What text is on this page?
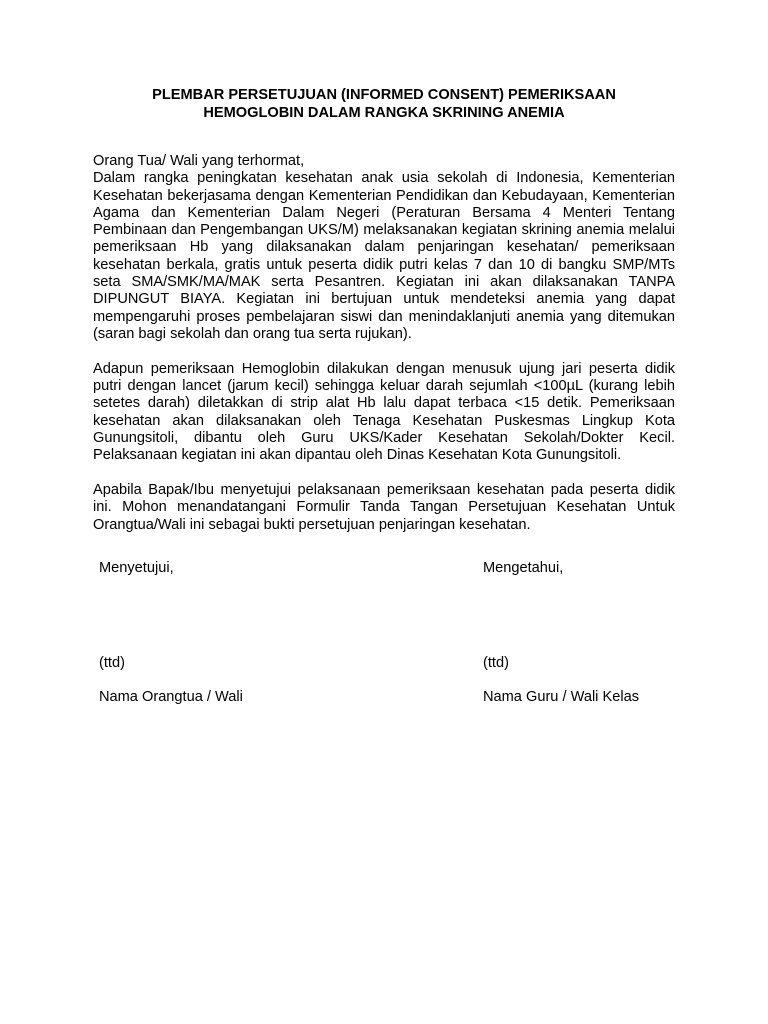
PLEMBAR PERSETUJUAN (INFORMED CONSENT) PEMERIKSAAN
HEMOGLOBIN DALAM RANGKA SKRINING ANEMIA

Orang Tua/ Wali yang terhormat,

Dalam rangka peningkatan kesehatan anak usia sekolah di Indonesia, Kementerian Kesehatan bekerjasama dengan Kementerian Pendidikan dan Kebudayaan, Kementerian Agama dan Kementerian Dalam Negeri (Peraturan Bersama 4 Menteri Tentang Pembinaan dan Pengembangan UKS/M) melaksanakan kegiatan skrining anemia melalui pemeriksaan Hb yang dilaksanakan dalam penjaringan kesehatan/ pemeriksaan kesehatan berkala, gratis untuk peserta didik putri kelas 7 dan 10 di bangku SMP/MTs seta SMA/SMK/MA/MAK serta Pesantren. Kegiatan ini akan dilaksanakan TANPA DIPUNGUT BIAYA. Kegiatan ini bertujuan untuk mendeteksi anemia yang dapat mempengaruhi proses pembelajaran siswi dan menindaklanjuti anemia yang ditemukan (saran bagi sekolah dan orang tua serta rujukan).

Adapun pemeriksaan Hemoglobin dilakukan dengan menusuk ujung jari peserta didik putri dengan lancet (jarum kecil) sehingga keluar darah sejumlah <100µL (kurang lebih setetes darah) diletakkan di strip alat Hb lalu dapat terbaca <15 detik. Pemeriksaan kesehatan akan dilaksanakan oleh Tenaga Kesehatan Puskesmas Lingkup Kota Gunungsitoli, dibantu oleh Guru UKS/Kader Kesehatan Sekolah/Dokter Kecil. Pelaksanaan kegiatan ini akan dipantau oleh Dinas Kesehatan Kota Gunungsitoli.

Apabila Bapak/Ibu menyetujui pelaksanaan pemeriksaan kesehatan pada peserta didik ini. Mohon menandatangani Formulir Tanda Tangan Persetujuan Kesehatan Untuk Orangtua/Wali ini sebagai bukti persetujuan penjaringan kesehatan.

Menyetujui,
(ttd)
Nama Orangtua / Wali
Mengetahui,
(ttd)
Nama Guru / Wali Kelas
